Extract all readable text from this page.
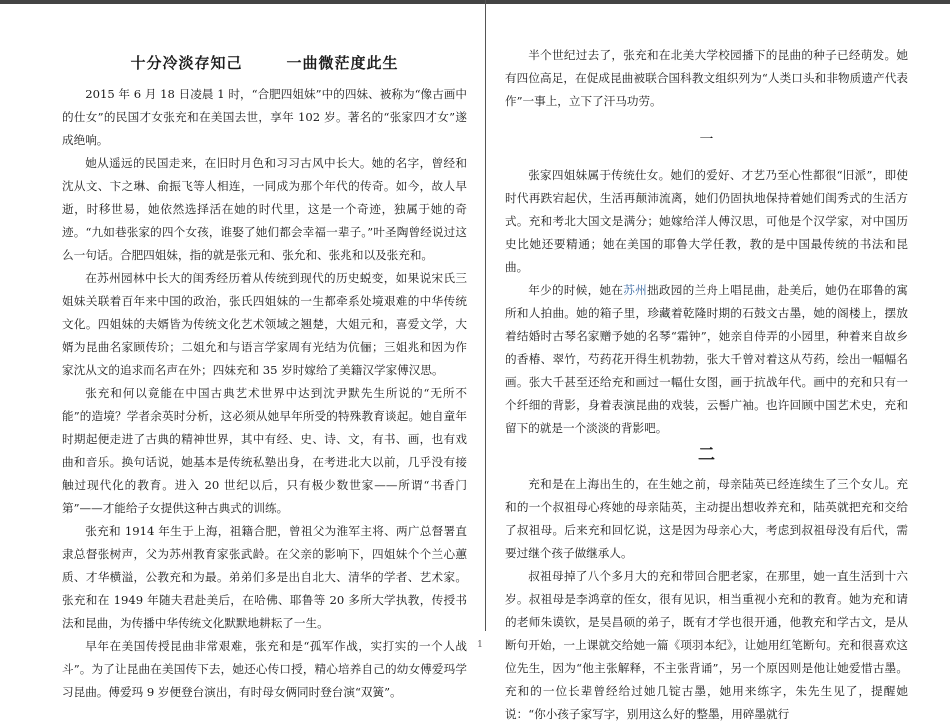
十分冷淡存知己	一曲微茫度此生

2015 年 6 月 18 日凌晨 1 时，“合肥四姐妹”中的四妹、被称为“像古画中的仕女”的民国才女张充和在美国去世，享年 102 岁。著名的“张家四才女”遂成绝响。

她从遥远的民国走来，在旧时月色和习习古风中长大。她的名字，曾经和沈从文、卞之琳、俞振飞等人相连，一同成为那个年代的传奇。如今，故人早逝，时移世易，她依然选择活在她的时代里，这是一个奇迹，独属于她的奇迹。“九如巷张家的四个女孩，谁娶了她们都会幸福一辈子。”叶圣陶曾经说过这么一句话。合肥四姐妹，指的就是张元和、张允和、张兆和以及张充和。

在苏州园林中长大的闺秀经历着从传统到现代的历史蜕变，如果说宋氏三姐妹关联着百年来中国的政治，张氏四姐妹的一生都牵系处境艰难的中华传统文化。四姐妹的夫婿皆为传统文化艺术领域之翘楚，大姐元和，喜爱文学，大婿为昆曲名家顾传玠；二姐允和与语言学家周有光结为伉俪；三姐兆和因为作家沈从文的追求而名声在外；四妹充和 35 岁时嫁给了美籍汉学家傅汉思。

张充和何以竟能在中国古典艺术世界中达到沈尹默先生所说的“无所不能”的造境？学者余英时分析，这必须从她早年所受的特殊教育谈起。她自童年时期起便走进了古典的精神世界，其中有经、史、诗、文，有书、画，也有戏曲和音乐。换句话说，她基本是传统私塾出身，在考进北大以前，几乎没有接触过现代化的教育。进入 20 世纪以后，只有极少数世家——所谓“书香门第”——才能给子女提供这种古典式的训练。

张充和 1914 年生于上海，祖籍合肥，曾祖父为淮军主将、两广总督署直隶总督张树声，父为苏州教育家张武龄。在父亲的影响下，四姐妹个个兰心蕙质、才华横溢，公教充和为最。弟弟们多是出自北大、清华的学者、艺术家。张充和在 1949 年随夫君赴美后，在哈佛、耶鲁等 20 多所大学执教，传授书法和昆曲，为传播中华传统文化默默地耕耘了一生。

早年在美国传授昆曲非常艰难，张充和是“孤军作战，实打实的一个人战斗”。为了让昆曲在美国传下去，她还心传口授，精心培养自己的幼女傅爱玛学习昆曲。傅爱玛 9 岁便登台演出，有时母女俩同时登台演“双簧”。

半个世纪过去了，张充和在北美大学校园播下的昆曲的种子已经萌发。她有四位高足，在促成昆曲被联合国科教文组织列为“人类口头和非物质遗产代表作”一事上，立下了汗马功劳。

一

张家四姐妹属于传统仕女。她们的爱好、才艺乃至心性都很“旧派”，即使时代再跌宕起伏，生活再颠沛流离，她们仍固执地保持着她们闺秀式的生活方式。充和考北大国文是满分；她嫁给洋人傅汉思，可他是个汉学家，对中国历史比她还要精通；她在美国的耶鲁大学任教，教的是中国最传统的书法和昆曲。

年少的时候，她在苏州拙政园的兰舟上唱昆曲，赴美后，她仍在耶鲁的寓所和人拍曲。她的箱子里，珍藏着乾隆时期的石鼓文古墨，她的阁楼上，摆放着结婚时古琴名家赠予她的名琴“霜钟”，她亲自侍弄的小园里，种着来自故乡的香椿、翠竹，芍药花开得生机勃勃，张大千曾对着这从芍药，绘出一幅幅名画。张大千甚至还给充和画过一幅仕女图，画于抗战年代。画中的充和只有一个纤细的背影，身着表演昆曲的戏装，云髻广袖。也许回顾中国艺术史，充和留下的就是一个淡淡的背影吧。

二

充和是在上海出生的，在生她之前，母亲陆英已经连续生了三个女儿。充和的一个叔祖母心疼她的母亲陆英，主动提出想收养充和，陆英就把充和交给了叔祖母。后来充和回忆说，这是因为母亲心大，考虑到叔祖母没有后代，需要过继个孩子做继承人。

叔祖母掉了八个多月大的充和带回合肥老家，在那里，她一直生活到十六岁。叔祖母是李鸿章的侄女，很有见识，相当重视小充和的教育。她为充和请的老师朱谟钦，是吴昌硕的弟子，既有才学也很开通，他教充和学古文，是从断句开始，一上课就交给她一篇《项羽本纪》，让她用红笔断句。充和很喜欢这位先生，因为“他主张解释，不主张背诵”，另一个原因则是他让她爱惜古墨。充和的一位长辈曾经给过她几锭古墨，她用来练字，朱先生见了，提醒她说：“你小孩子家写字，别用这么好的整墨，用碎墨就行

1
